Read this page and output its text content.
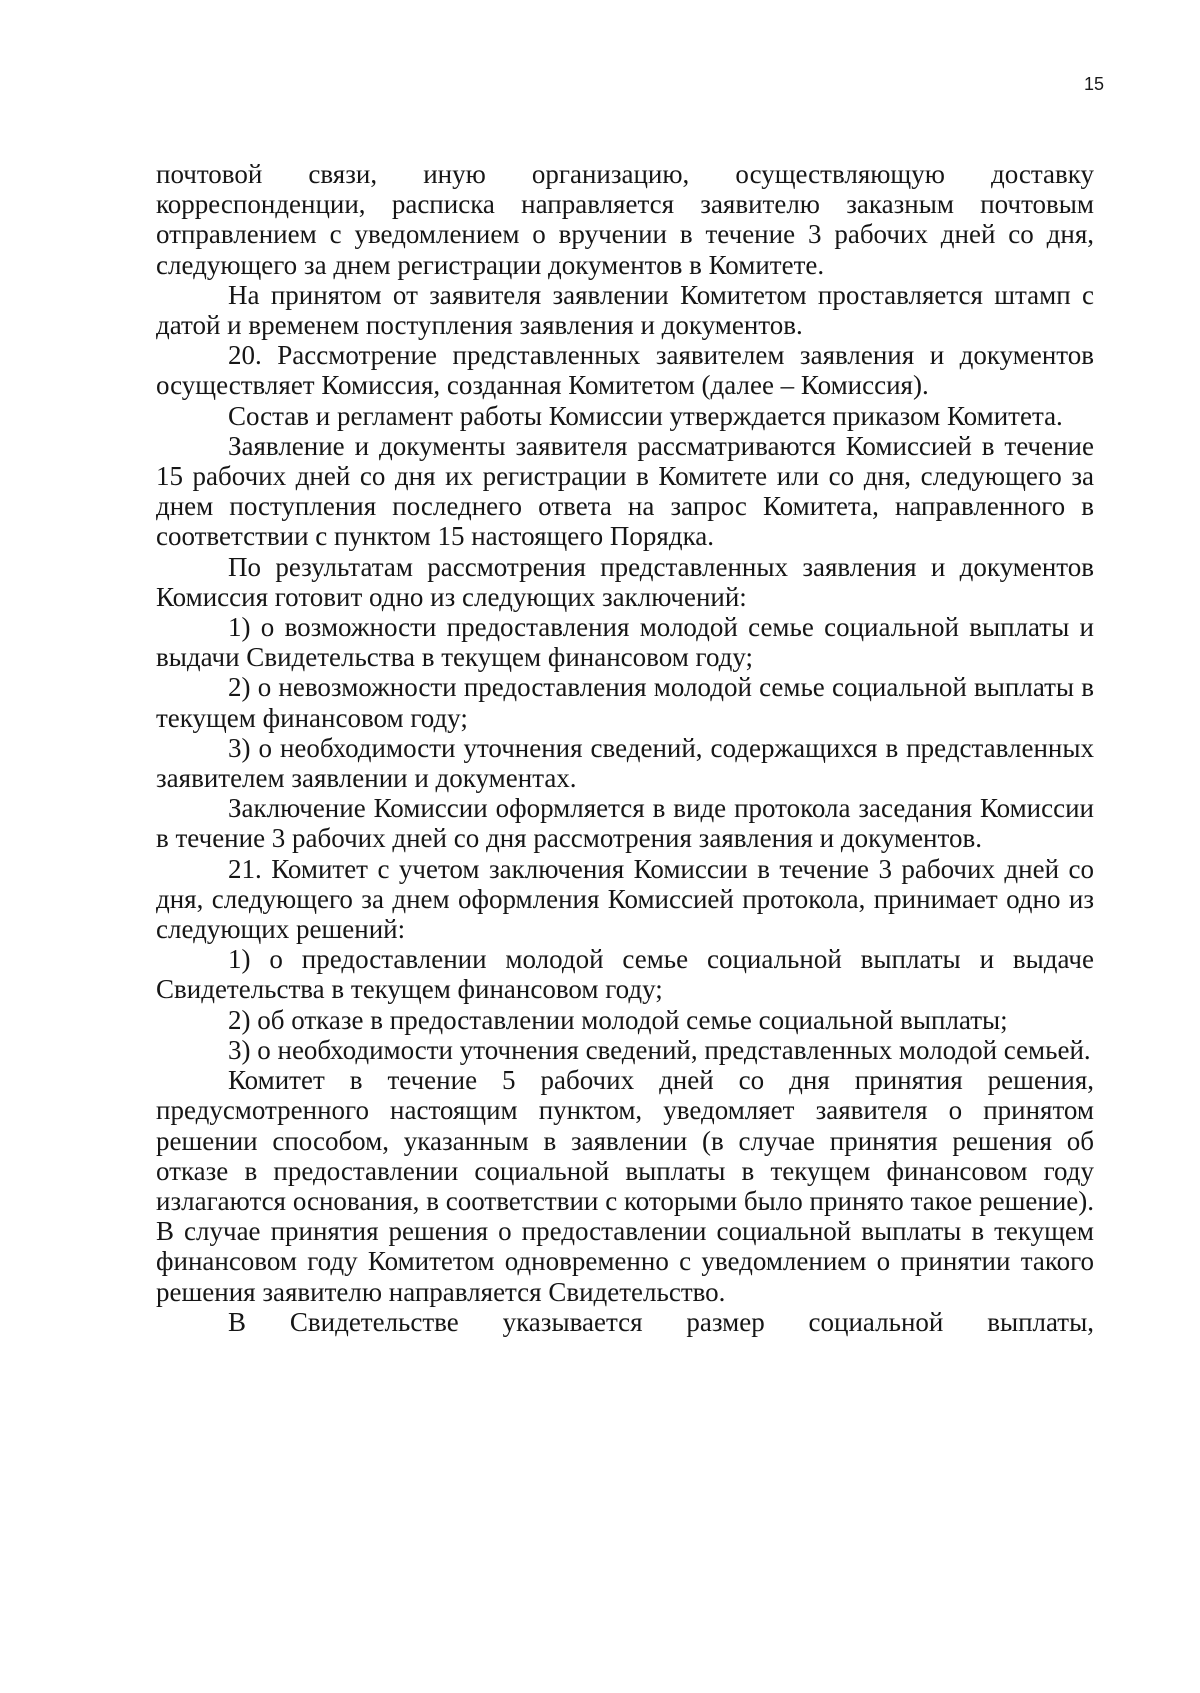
15

почтовой связи, иную организацию, осуществляющую доставку корреспонденции, расписка направляется заявителю заказным почтовым отправлением с уведомлением о вручении в течение 3 рабочих дней со дня, следующего за днем регистрации документов в Комитете.

На принятом от заявителя заявлении Комитетом проставляется штамп с датой и временем поступления заявления и документов.

20. Рассмотрение представленных заявителем заявления и документов осуществляет Комиссия, созданная Комитетом (далее – Комиссия).

Состав и регламент работы Комиссии утверждается приказом Комитета.

Заявление и документы заявителя рассматриваются Комиссией в течение 15 рабочих дней со дня их регистрации в Комитете или со дня, следующего за днем поступления последнего ответа на запрос Комитета, направленного в соответствии с пунктом 15 настоящего Порядка.

По результатам рассмотрения представленных заявления и документов Комиссия готовит одно из следующих заключений:

1) о возможности предоставления молодой семье социальной выплаты и выдачи Свидетельства в текущем финансовом году;

2) о невозможности предоставления молодой семье социальной выплаты в текущем финансовом году;

3) о необходимости уточнения сведений, содержащихся в представленных заявителем заявлении и документах.

Заключение Комиссии оформляется в виде протокола заседания Комиссии в течение 3 рабочих дней со дня рассмотрения заявления и документов.

21. Комитет с учетом заключения Комиссии в течение 3 рабочих дней со дня, следующего за днем оформления Комиссией протокола, принимает одно из следующих решений:

1) о предоставлении молодой семье социальной выплаты и выдаче Свидетельства в текущем финансовом году;

2) об отказе в предоставлении молодой семье социальной выплаты;

3) о необходимости уточнения сведений, представленных молодой семьей.

Комитет в течение 5 рабочих дней со дня принятия решения, предусмотренного настоящим пунктом, уведомляет заявителя о принятом решении способом, указанным в заявлении (в случае принятия решения об отказе в предоставлении социальной выплаты в текущем финансовом году излагаются основания, в соответствии с которыми было принято такое решение). В случае принятия решения о предоставлении социальной выплаты в текущем финансовом году Комитетом одновременно с уведомлением о принятии такого решения заявителю направляется Свидетельство.

В Свидетельстве указывается размер социальной выплаты,
